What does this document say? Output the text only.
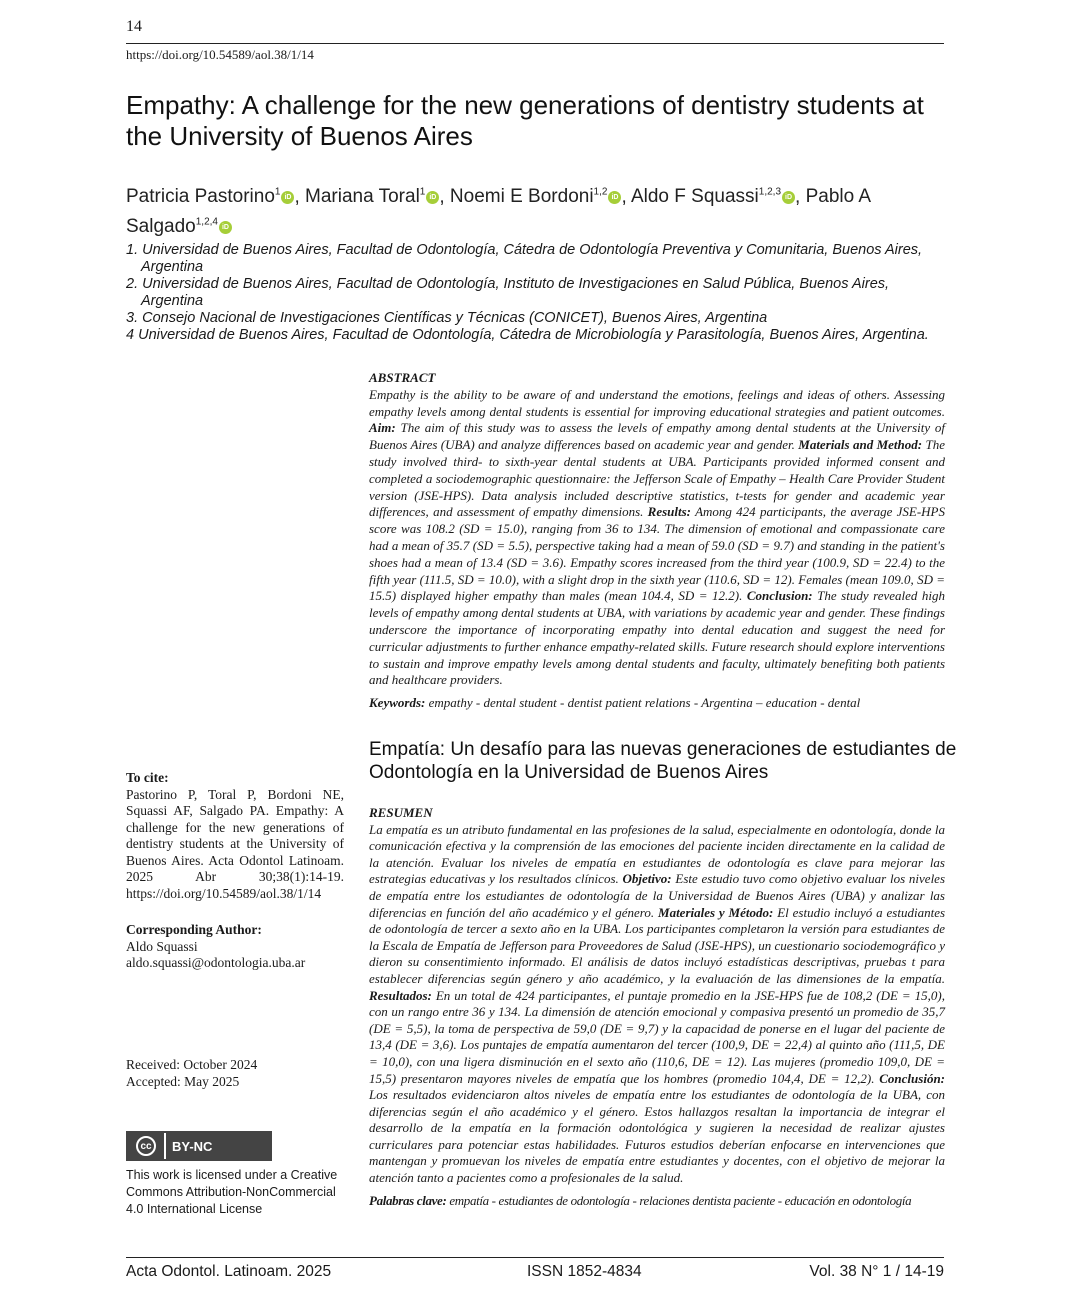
14
https://doi.org/10.54589/aol.38/1/14
Empathy: A challenge for the new generations of dentistry students at the University of Buenos Aires
Patricia Pastorino$^1$ iD , Mariana Toral$^1$ iD , Noemi E Bordoni$^{1,2}$ iD , Aldo F Squassi$^{1,2,3}$ iD , Pablo A Salgado$^{1,2,4}$ iD
1. Universidad de Buenos Aires, Facultad de Odontología, Cátedra de Odontología Preventiva y Comunitaria, Buenos Aires, Argentina
2. Universidad de Buenos Aires, Facultad de Odontología, Instituto de Investigaciones en Salud Pública, Buenos Aires, Argentina
3. Consejo Nacional de Investigaciones Científicas y Técnicas (CONICET), Buenos Aires, Argentina
4 Universidad de Buenos Aires, Facultad de Odontología, Cátedra de Microbiología y Parasitología, Buenos Aires, Argentina.
ABSTRACT
Empathy is the ability to be aware of and understand the emotions, feelings and ideas of others. Assessing empathy levels among dental students is essential for improving educational strategies and patient outcomes. Aim: The aim of this study was to assess the levels of empathy among dental students at the University of Buenos Aires (UBA) and analyze differences based on academic year and gender. Materials and Method: The study involved third- to sixth-year dental students at UBA. Participants provided informed consent and completed a sociodemographic questionnaire: the Jefferson Scale of Empathy – Health Care Provider Student version (JSE-HPS). Data analysis included descriptive statistics, t-tests for gender and academic year differences, and assessment of empathy dimensions. Results: Among 424 participants, the average JSE-HPS score was 108.2 (SD = 15.0), ranging from 36 to 134. The dimension of emotional and compassionate care had a mean of 35.7 (SD = 5.5), perspective taking had a mean of 59.0 (SD = 9.7) and standing in the patient's shoes had a mean of 13.4 (SD = 3.6). Empathy scores increased from the third year (100.9, SD = 22.4) to the fifth year (111.5, SD = 10.0), with a slight drop in the sixth year (110.6, SD = 12). Females (mean 109.0, SD = 15.5) displayed higher empathy than males (mean 104.4, SD = 12.2). Conclusion: The study revealed high levels of empathy among dental students at UBA, with variations by academic year and gender. These findings underscore the importance of incorporating empathy into dental education and suggest the need for curricular adjustments to further enhance empathy-related skills. Future research should explore interventions to sustain and improve empathy levels among dental students and faculty, ultimately benefiting both patients and healthcare providers.
Keywords: empathy - dental student - dentist patient relations - Argentina – education - dental
Empatía: Un desafío para las nuevas generaciones de estudiantes de Odontología en la Universidad de Buenos Aires
RESUMEN
La empatía es un atributo fundamental en las profesiones de la salud, especialmente en odontología, donde la comunicación efectiva y la comprensión de las emociones del paciente inciden directamente en la calidad de la atención. Evaluar los niveles de empatía en estudiantes de odontología es clave para mejorar las estrategias educativas y los resultados clínicos. Objetivo: Este estudio tuvo como objetivo evaluar los niveles de empatía entre los estudiantes de odontología de la Universidad de Buenos Aires (UBA) y analizar las diferencias en función del año académico y el género. Materiales y Método: El estudio incluyó a estudiantes de odontología de tercer a sexto año en la UBA. Los participantes completaron la versión para estudiantes de la Escala de Empatía de Jefferson para Proveedores de Salud (JSE-HPS), un cuestionario sociodemográfico y dieron su consentimiento informado. El análisis de datos incluyó estadísticas descriptivas, pruebas t para establecer diferencias según género y año académico, y la evaluación de las dimensiones de la empatía. Resultados: En un total de 424 participantes, el puntaje promedio en la JSE-HPS fue de 108,2 (DE = 15,0), con un rango entre 36 y 134. La dimensión de atención emocional y compasiva presentó un promedio de 35,7 (DE = 5,5), la toma de perspectiva de 59,0 (DE = 9,7) y la capacidad de ponerse en el lugar del paciente de 13,4 (DE = 3,6). Los puntajes de empatía aumentaron del tercer (100,9, DE = 22,4) al quinto año (111,5, DE = 10,0), con una ligera disminución en el sexto año (110,6, DE = 12). Las mujeres (promedio 109,0, DE = 15,5) presentaron mayores niveles de empatía que los hombres (promedio 104,4, DE = 12,2). Conclusión: Los resultados evidenciaron altos niveles de empatía entre los estudiantes de odontología de la UBA, con diferencias según el año académico y el género. Estos hallazgos resaltan la importancia de integrar el desarrollo de la empatía en la formación odontológica y sugieren la necesidad de realizar ajustes curriculares para potenciar estas habilidades. Futuros estudios deberían enfocarse en intervenciones que mantengan y promuevan los niveles de empatía entre estudiantes y docentes, con el objetivo de mejorar la atención tanto a pacientes como a profesionales de la salud.
Palabras clave: empatía - estudiantes de odontología - relaciones dentista paciente - educación en odontología
To cite:
Pastorino P, Toral P, Bordoni NE, Squassi AF, Salgado PA. Empathy: A challenge for the new generations of dentistry students at the University of Buenos Aires. Acta Odontol Latinoam. 2025 Abr 30;38(1):14-19. https://doi.org/10.54589/aol.38/1/14
Corresponding Author:
Aldo Squassi
aldo.squassi@odontologia.uba.ar
Received: October 2024
Accepted: May 2025
cc	BY-NC
This work is licensed under a Creative Commons Attribution-NonCommercial 4.0 International License
Acta Odontol. Latinoam. 2025	ISSN 1852-4834	Vol. 38 N° 1 / 14-19
